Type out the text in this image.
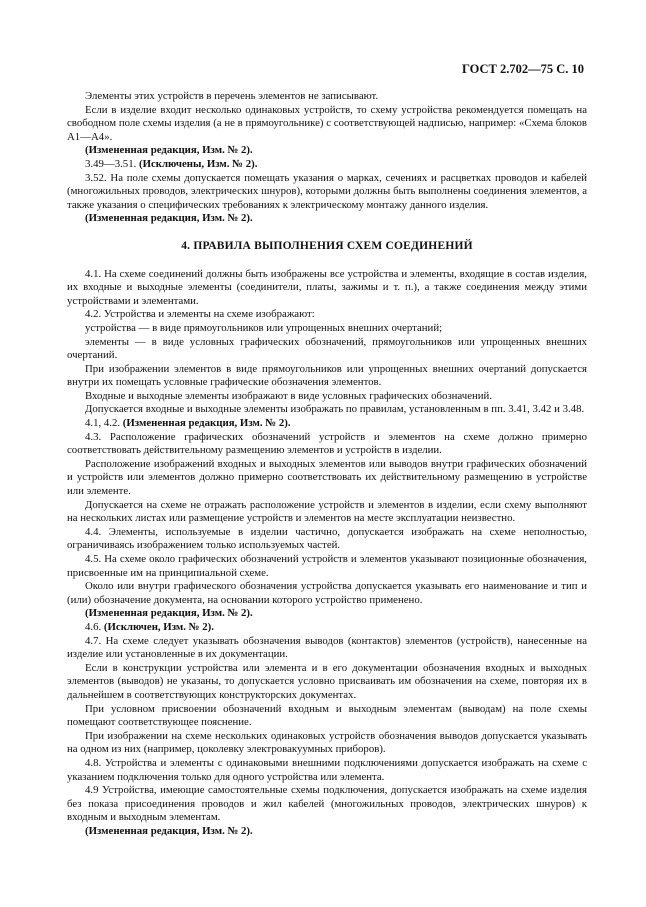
ГОСТ 2.702—75 С. 10

Элементы этих устройств в перечень элементов не записывают.

Если в изделие входит несколько одинаковых устройств, то схему устройства рекомендуется помещать на свободном поле схемы изделия (а не в прямоугольнике) с соответствующей надписью, например: «Схема блоков А1—А4».

(Измененная редакция, Изм. № 2).

3.49—3.51. (Исключены, Изм. № 2).

3.52. На поле схемы допускается помещать указания о марках, сечениях и расцветках проводов и кабелей (многожильных проводов, электрических шнуров), которыми должны быть выполнены соединения элементов, а также указания о специфических требованиях к электрическому монтажу данного изделия.

(Измененная редакция, Изм. № 2).

4. ПРАВИЛА ВЫПОЛНЕНИЯ СХЕМ СОЕДИНЕНИЙ

4.1. На схеме соединений должны быть изображены все устройства и элементы, входящие в состав изделия, их входные и выходные элементы (соединители, платы, зажимы и т. п.), а также соединения между этими устройствами и элементами.

4.2. Устройства и элементы на схеме изображают:

устройства — в виде прямоугольников или упрощенных внешних очертаний;

элементы — в виде условных графических обозначений, прямоугольников или упрощенных внешних очертаний.

При изображении элементов в виде прямоугольников или упрощенных внешних очертаний допускается внутри их помещать условные графические обозначения элементов.

Входные и выходные элементы изображают в виде условных графических обозначений.

Допускается входные и выходные элементы изображать по правилам, установленным в пп. 3.41, 3.42 и 3.48.

4.1, 4.2. (Измененная редакция, Изм. № 2).

4.3. Расположение графических обозначений устройств и элементов на схеме должно примерно соответствовать действительному размещению элементов и устройств в изделии.

Расположение изображений входных и выходных элементов или выводов внутри графических обозначений и устройств или элементов должно примерно соответствовать их действительному размещению в устройстве или элементе.

Допускается на схеме не отражать расположение устройств и элементов в изделии, если схему выполняют на нескольких листах или размещение устройств и элементов на месте эксплуатации неизвестно.

4.4. Элементы, используемые в изделии частично, допускается изображать на схеме неполностью, ограничиваясь изображением только используемых частей.

4.5. На схеме около графических обозначений устройств и элементов указывают позиционные обозначения, присвоенные им на принципиальной схеме.

Около или внутри графического обозначения устройства допускается указывать его наименование и тип и (или) обозначение документа, на основании которого устройство применено.

(Измененная редакция, Изм. № 2).

4.6. (Исключен, Изм. № 2).

4.7. На схеме следует указывать обозначения выводов (контактов) элементов (устройств), нанесенные на изделие или установленные в их документации.

Если в конструкции устройства или элемента и в его документации обозначения входных и выходных элементов (выводов) не указаны, то допускается условно присваивать им обозначения на схеме, повторяя их в дальнейшем в соответствующих конструкторских документах.

При условном присвоении обозначений входным и выходным элементам (выводам) на поле схемы помещают соответствующее пояснение.

При изображении на схеме нескольких одинаковых устройств обозначения выводов допускается указывать на одном из них (например, цоколевку электровакуумных приборов).

4.8. Устройства и элементы с одинаковыми внешними подключениями допускается изображать на схеме с указанием подключения только для одного устройства или элемента.

4.9 Устройства, имеющие самостоятельные схемы подключения, допускается изображать на схеме изделия без показа присоединения проводов и жил кабелей (многожильных проводов, электрических шнуров) к входным и выходным элементам.

(Измененная редакция, Изм. № 2).
